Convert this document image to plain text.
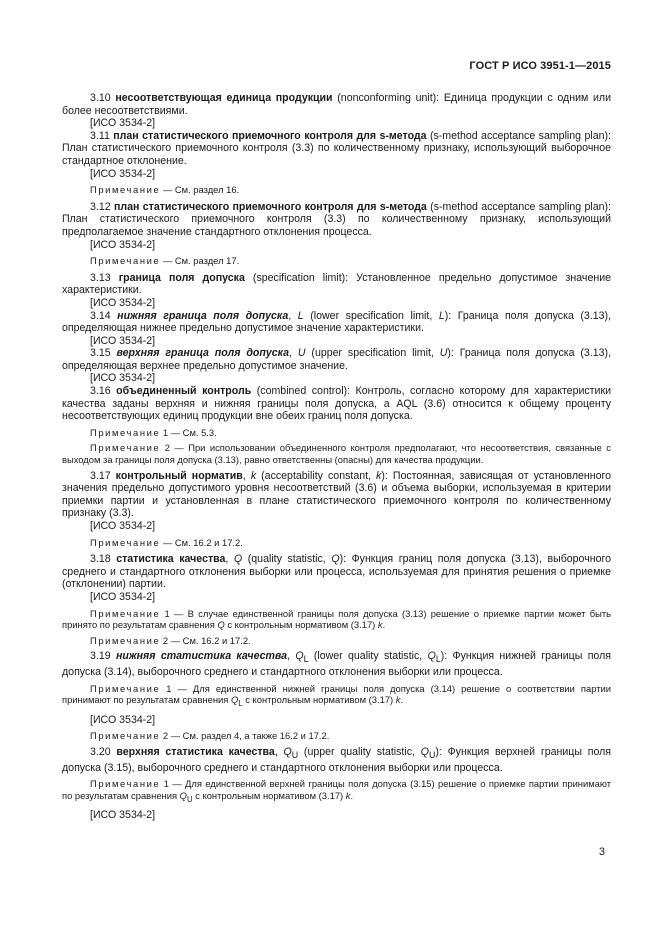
ГОСТ Р ИСО 3951-1—2015

3.10 несоответствующая единица продукции (nonconforming unit): Единица продукции с одним или более несоответствиями.

[ИСО 3534-2]

3.11 план статистического приемочного контроля для s-метода (s-method acceptance sampling plan): План статистического приемочного контроля (3.3) по количественному признаку, использующий выборочное стандартное отклонение.

[ИСО 3534-2]

Примечание — См. раздел 16.

3.12 план статистического приемочного контроля для s-метода (s-method acceptance sampling plan): План статистического приемочного контроля (3.3) по количественному признаку, использующий предполагаемое значение стандартного отклонения процесса.

[ИСО 3534-2]

Примечание — См. раздел 17.

3.13 граница поля допуска (specification limit): Установленное предельно допустимое значение характеристики.

[ИСО 3534-2]

3.14 нижняя граница поля допуска, L (lower specification limit, L): Граница поля допуска (3.13), определяющая нижнее предельно допустимое значение характеристики.

[ИСО 3534-2]

3.15 верхняя граница поля допуска, U (upper specification limit, U): Граница поля допуска (3.13), определяющая верхнее предельно допустимое значение.

[ИСО 3534-2]

3.16 объединенный контроль (combined control): Контроль, согласно которому для характеристики качества заданы верхняя и нижняя границы поля допуска, а AQL (3.6) относится к общему проценту несоответствующих единиц продукции вне обеих границ поля допуска.

Примечание 1 — См. 5.3.

Примечание 2 — При использовании объединенного контроля предполагают, что несоответствия, связанные с выходом за границы поля допуска (3.13), равно ответственны (опасны) для качества продукции.

3.17 контрольный норматив, k (acceptability constant, k): Постоянная, зависящая от установленного значения предельно допустимого уровня несоответствий (3.6) и объема выборки, используемая в критерии приемки партии и установленная в плане статистического приемочного контроля по количественному признаку (3.3).

[ИСО 3534-2]

Примечание — См. 16.2 и 17.2.

3.18 статистика качества, Q (quality statistic, Q): Функция границ поля допуска (3.13), выборочного среднего и стандартного отклонения выборки или процесса, используемая для принятия решения о приемке (отклонении) партии.

[ИСО 3534-2]

Примечание 1 — В случае единственной границы поля допуска (3.13) решение о приемке партии может быть принято по результатам сравнения Q с контрольным нормативом (3.17) k.

Примечание 2 — См. 16.2 и 17.2.

3.19 нижняя статистика качества, $Q_L$ (lower quality statistic, $Q_L$): Функция нижней границы поля допуска (3.14), выборочного среднего и стандартного отклонения выборки или процесса.

Примечание 1 — Для единственной нижней границы поля допуска (3.14) решение о соответствии партии принимают по результатам сравнения $Q_L$ с контрольным нормативом (3.17) k.

[ИСО 3534-2]

Примечание 2 — См. раздел 4, а также 16.2 и 17.2.

3.20 верхняя статистика качества, $Q_U$ (upper quality statistic, $Q_U$): Функция верхней границы поля допуска (3.15), выборочного среднего и стандартного отклонения выборки или процесса.

Примечание 1 — Для единственной верхней границы поля допуска (3.15) решение о приемке партии принимают по результатам сравнения $Q_U$ с контрольным нормативом (3.17) k.

[ИСО 3534-2]

3
